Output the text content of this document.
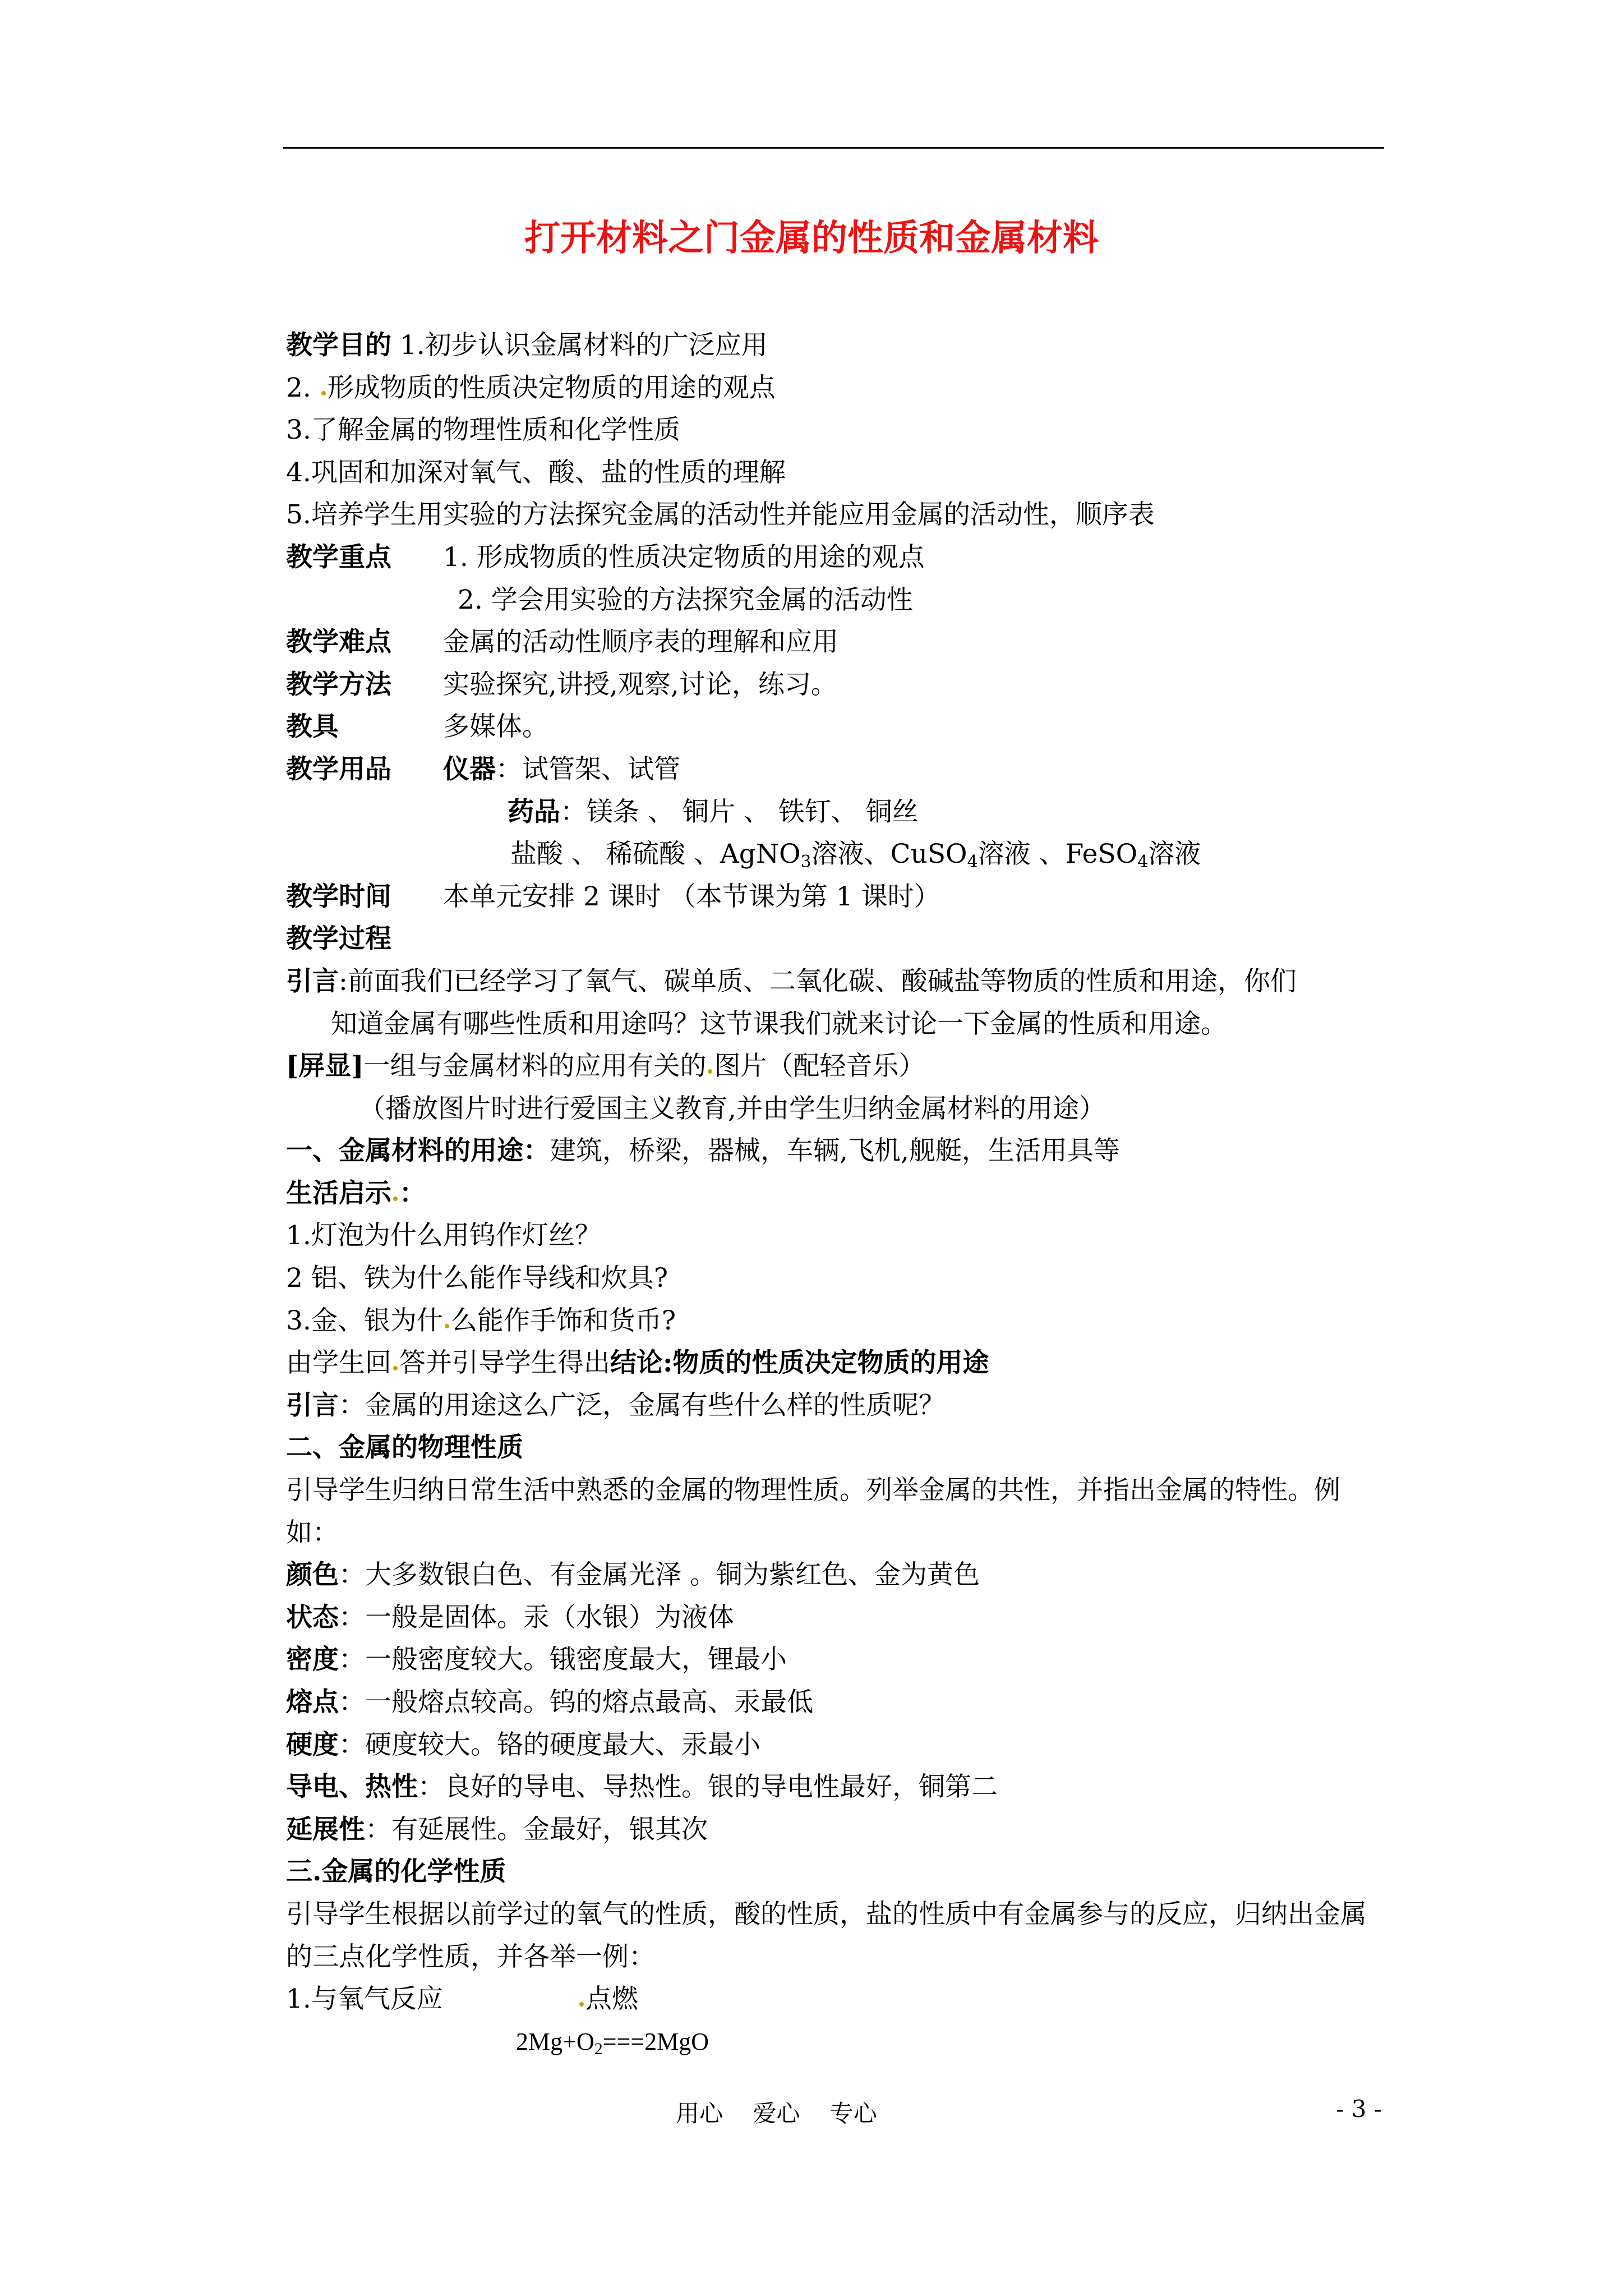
打开材料之门金属的性质和金属材料
教学目的 1.初步认识金属材料的广泛应用
2. 形成物质的性质决定物质的用途的观点
3.了解金属的物理性质和化学性质
4.巩固和加深对氧气、酸、盐的性质的理解
5.培养学生用实验的方法探究金属的活动性并能应用金属的活动性，顺序表
教学重点 1. 形成物质的性质决定物质的用途的观点
2. 学会用实验的方法探究金属的活动性
教学难点 金属的活动性顺序表的理解和应用
教学方法 实验探究,讲授,观察,讨论，练习。
教具	多媒体。
教学用品 仪器：试管架、试管
药品：镁条 、 铜片 、 铁钉、 铜丝
盐酸 、 稀硫酸 、AgNO$_3$溶液、CuSO$_4$溶液 、FeSO$_4$溶液
教学时间 本单元安排 2 课时 （本节课为第 1 课时）
教学过程
引言:前面我们已经学习了氧气、碳单质、二氧化碳、酸碱盐等物质的性质和用途，你们
知道金属有哪些性质和用途吗？这节课我们就来讨论一下金属的性质和用途。
[屏显]一组与金属材料的应用有关的 图片（配轻音乐）
（播放图片时进行爱国主义教育,并由学生归纳金属材料的用途）
一、金属材料的用途：建筑，桥梁，器械，车辆,飞机,舰艇，生活用具等
生活启示 ：
1.灯泡为什么用钨作灯丝？
2 铝、铁为什么能作导线和炊具?
3.金、银为什 么能作手饰和货币?
由学生回 答并引导学生得出结论:物质的性质决定物质的用途
引言：金属的用途这么广泛，金属有些什么样的性质呢？
二、金属的物理性质
引导学生归纳日常生活中熟悉的金属的物理性质。列举金属的共性，并指出金属的特性。例如：
颜色：大多数银白色、有金属光泽 。铜为紫红色、金为黄色
状态：一般是固体。汞（水银）为液体
密度：一般密度较大。锇密度最大，锂最小
熔点：一般熔点较高。钨的熔点最高、汞最低
硬度：硬度较大。铬的硬度最大、汞最小
导电、热性：良好的导电、导热性。银的导电性最好，铜第二
延展性：有延展性。金最好，银其次
三.金属的化学性质
引导学生根据以前学过的氧气的性质，酸的性质，盐的性质中有金属参与的反应，归纳出金属的三点化学性质，并各举一例：
1.与氧气反应	点燃
$2Mg+O_2===2MgO$
用心    爱心    专心	- 3 -
